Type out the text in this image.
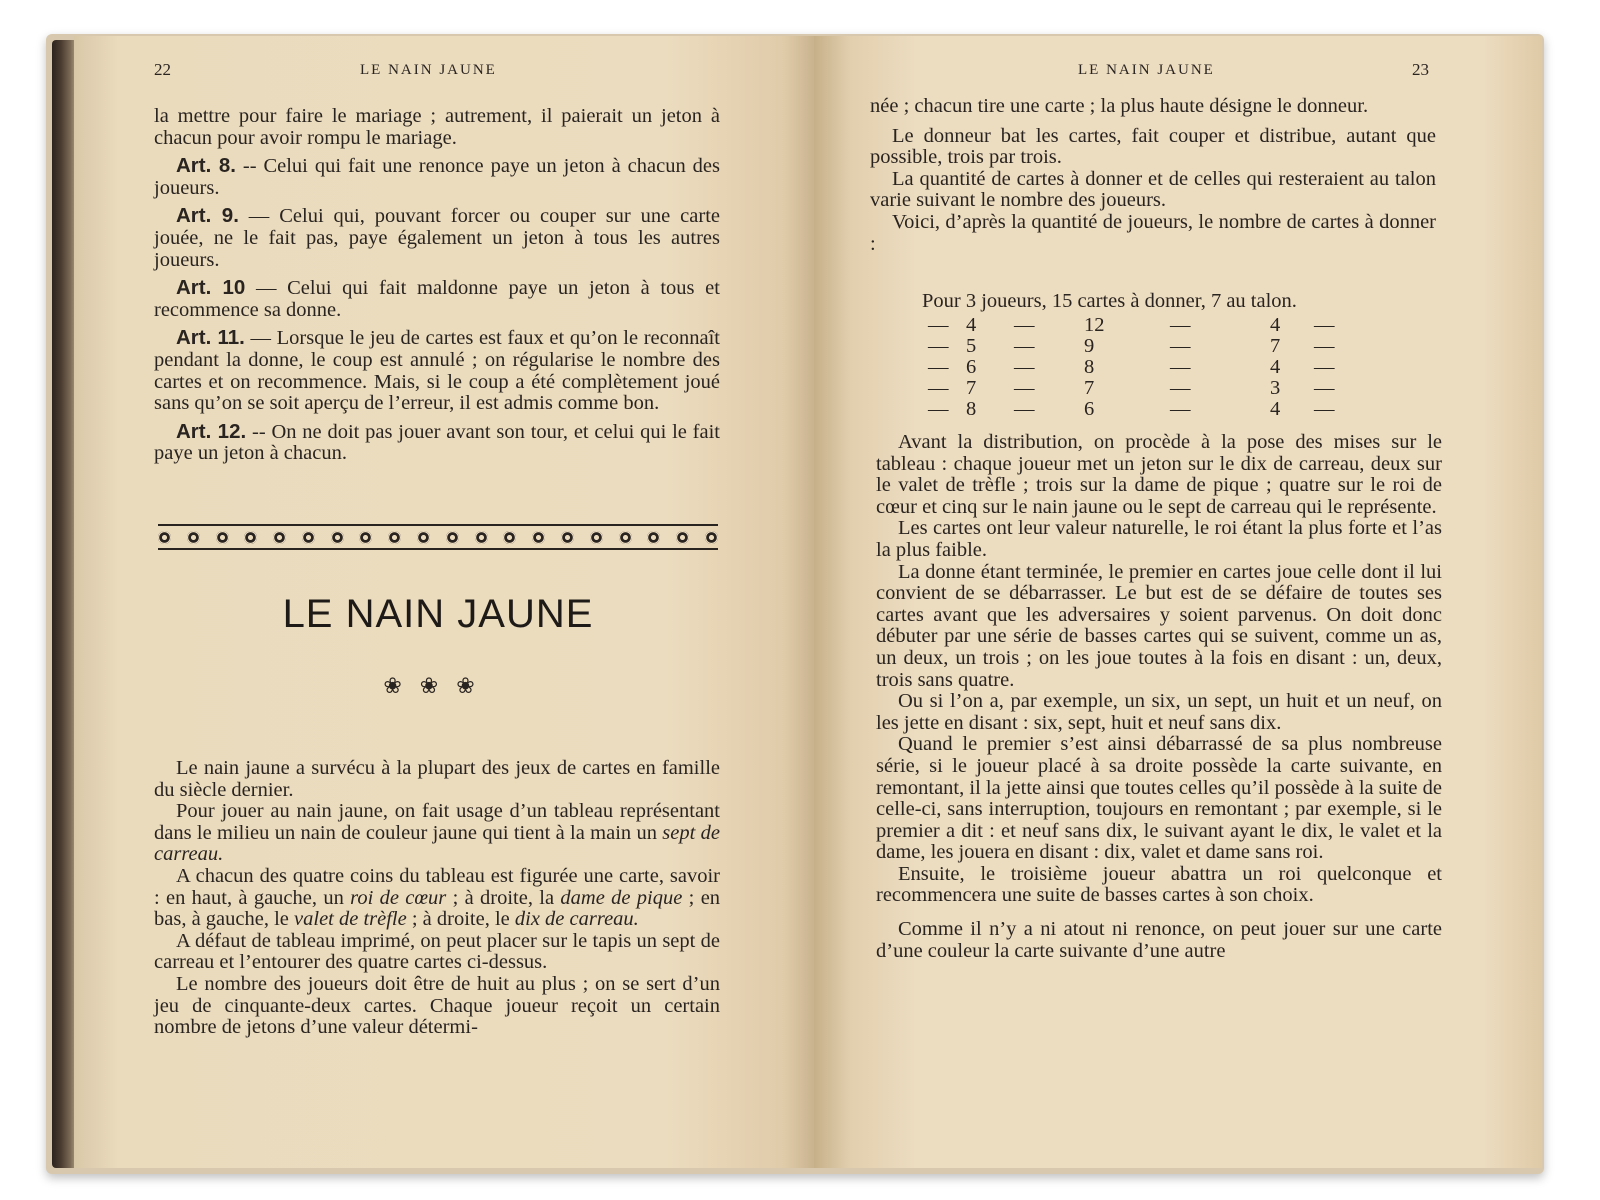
22	LE NAIN JAUNE

la mettre pour faire le mariage ; autrement, il paierait un jeton à chacun pour avoir rompu le mariage.

Art. 8. -- Celui qui fait une renonce paye un jeton à chacun des joueurs.

Art. 9. — Celui qui, pouvant forcer ou couper sur une carte jouée, ne le fait pas, paye également un jeton à tous les autres joueurs.

Art. 10 — Celui qui fait maldonne paye un jeton à tous et recommence sa donne.

Art. 11. — Lorsque le jeu de cartes est faux et qu’on le reconnaît pendant la donne, le coup est annulé ; on régularise le nombre des cartes et on recommence. Mais, si le coup a été complètement joué sans qu’on se soit aperçu de l’erreur, il est admis comme bon.

Art. 12. -- On ne doit pas jouer avant son tour, et celui qui le fait paye un jeton à chacun.

LE NAIN JAUNE
❀❀❀

Le nain jaune a survécu à la plupart des jeux de cartes en famille du siècle dernier.

Pour jouer au nain jaune, on fait usage d’un tableau représentant dans le milieu un nain de couleur jaune qui tient à la main un sept de carreau.

A chacun des quatre coins du tableau est figurée une carte, savoir : en haut, à gauche, un roi de cœur ; à droite, la dame de pique ; en bas, à gauche, le valet de trèfle ; à droite, le dix de carreau.

A défaut de tableau imprimé, on peut placer sur le tapis un sept de carreau et l’entourer des quatre cartes ci-dessus.

Le nombre des joueurs doit être de huit au plus ; on se sert d’un jeu de cinquante-deux cartes. Chaque joueur reçoit un certain nombre de jetons d’une valeur détermi-

LE NAIN JAUNE	23

née ; chacun tire une carte ; la plus haute désigne le donneur.

Le donneur bat les cartes, fait couper et distribue, autant que possible, trois par trois.

La quantité de cartes à donner et de celles qui resteraient au talon varie suivant le nombre des joueurs.

Voici, d’après la quantité de joueurs, le nombre de cartes à donner :

Pour 3 joueurs, 15 cartes à donner, 7 au talon.
— 4 — 12	—	4 —
— 5 — 9	—	7 —
— 6 — 8	—	4 —
— 7 — 7	—	3 —
— 8 — 6	—	4 —

Avant la distribution, on procède à la pose des mises sur le tableau : chaque joueur met un jeton sur le dix de carreau, deux sur le valet de trèfle ; trois sur la dame de pique ; quatre sur le roi de cœur et cinq sur le nain jaune ou le sept de carreau qui le représente.

Les cartes ont leur valeur naturelle, le roi étant la plus forte et l’as la plus faible.

La donne étant terminée, le premier en cartes joue celle dont il lui convient de se débarrasser. Le but est de se défaire de toutes ses cartes avant que les adversaires y soient parvenus. On doit donc débuter par une série de basses cartes qui se suivent, comme un as, un deux, un trois ; on les joue toutes à la fois en disant : un, deux, trois sans quatre.

Ou si l’on a, par exemple, un six, un sept, un huit et un neuf, on les jette en disant : six, sept, huit et neuf sans dix.

Quand le premier s’est ainsi débarrassé de sa plus nombreuse série, si le joueur placé à sa droite possède la carte suivante, en remontant, il la jette ainsi que toutes celles qu’il possède à la suite de celle-ci, sans interruption, toujours en remontant ; par exemple, si le premier a dit : et neuf sans dix, le suivant ayant le dix, le valet et la dame, les jouera en disant : dix, valet et dame sans roi.

Ensuite, le troisième joueur abattra un roi quelconque et recommencera une suite de basses cartes à son choix.

Comme il n’y a ni atout ni renonce, on peut jouer sur une carte d’une couleur la carte suivante d’une autre
